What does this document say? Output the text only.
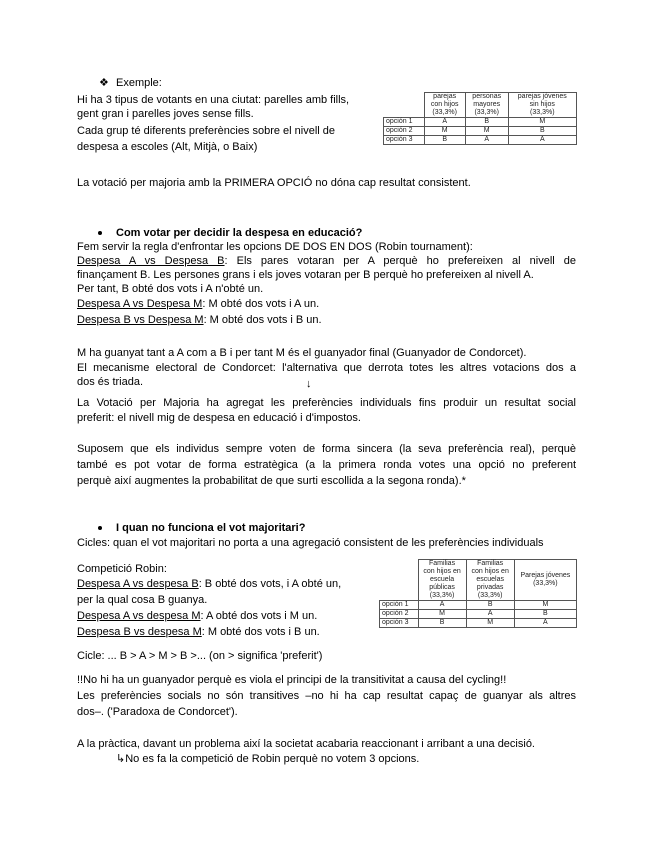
❖ Exemple:
Hi ha 3 tipus de votants en una ciutat: parelles amb fills,
gent gran i parelles joves sense fills.
Cada grup té diferents preferències sobre el nivell de
despesa a escoles (Alt, Mitjà, o Baix)
	parejas
con hijos
(33,3%)	personas
mayores
(33,3%)	parejas jóvenes
sin hijos
(33,3%)
opción 1	A	B	M
opción 2	M	M	B
opción 3	B	A	A
La votació per majoria amb la PRIMERA OPCIÓ no dóna cap resultat consistent.
Com votar per decidir la despesa en educació?
Fem servir la regla d'enfrontar les opcions DE DOS EN DOS (Robin tournament):
Despesa A vs Despesa B: Els pares votaran per A perquè ho prefereixen al nivell de
finançament B. Les persones grans i els joves votaran per B perquè ho prefereixen al nivell A.
Per tant, B obté dos vots i A n'obté un.
Despesa A vs Despesa M: M obté dos vots i A un.
Despesa B vs Despesa M: M obté dos vots i B un.
M ha guanyat tant a A com a B i per tant M és el guanyador final (Guanyador de Condorcet).
El mecanisme electoral de Condorcet: l'alternativa que derrota totes les altres votacions dos a
dos és triada.	↓
La Votació per Majoria ha agregat les preferències individuals fins produir un resultat social
preferit: el nivell mig de despesa en educació i d'impostos.
Suposem que els individus sempre voten de forma sincera (la seva preferència real), perquè
també es pot votar de forma estratègica (a la primera ronda votes una opció no preferent
perquè així augmentes la probabilitat de que surti escollida a la segona ronda).*
I quan no funciona el vot majoritari?
Cicles: quan el vot majoritari no porta a una agregació consistent de les preferències individuals
Competició Robin:
Despesa A vs despesa B: B obté dos vots, i A obté un,
per la qual cosa B guanya.
Despesa A vs despesa M: A obté dos vots i M un.
Despesa B vs despesa M: M obté dos vots i B un.
Cicle: ... B > A > M > B >... (on > significa 'preferit')
	Familias
con hijos en
escuela
públicas
(33,3%)	Familias
con hijos en
escuelas
privadas
(33,3%)	Parejas jóvenes
(33,3%)
opción 1	A	B	M
opción 2	M	A	B
opción 3	B	M	A
!!No hi ha un guanyador perquè es viola el principi de la transitivitat a causa del cycling!!
Les preferències socials no són transitives –no hi ha cap resultat capaç de guanyar als altres
dos–. ('Paradoxa de Condorcet').
A la pràctica, davant un problema així la societat acabaria reaccionant i arribant a una decisió.
↳No es fa la competició de Robin perquè no votem 3 opcions.
